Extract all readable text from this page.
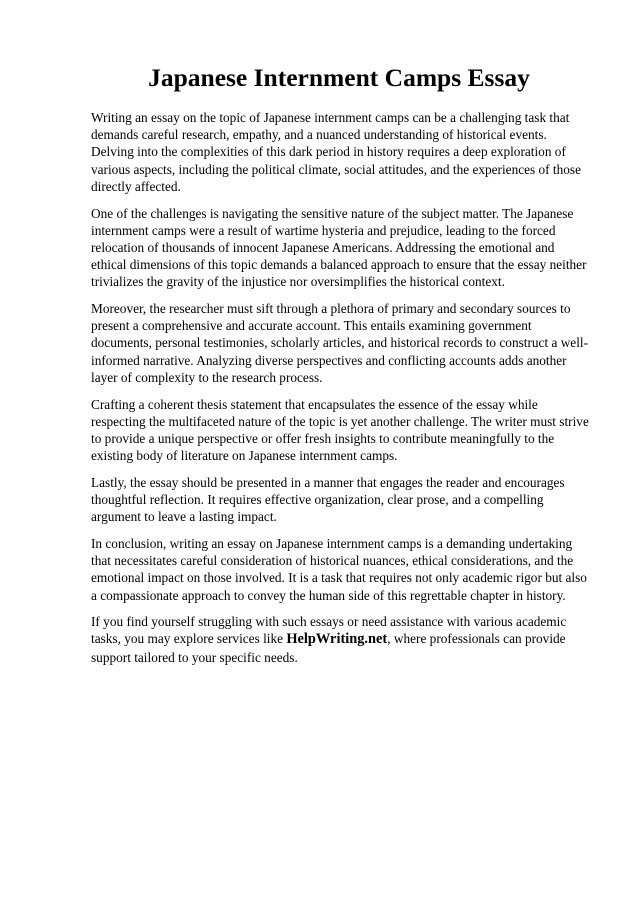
Japanese Internment Camps Essay

Writing an essay on the topic of Japanese internment camps can be a challenging task that demands careful research, empathy, and a nuanced understanding of historical events. Delving into the complexities of this dark period in history requires a deep exploration of various aspects, including the political climate, social attitudes, and the experiences of those directly affected.

One of the challenges is navigating the sensitive nature of the subject matter. The Japanese internment camps were a result of wartime hysteria and prejudice, leading to the forced relocation of thousands of innocent Japanese Americans. Addressing the emotional and ethical dimensions of this topic demands a balanced approach to ensure that the essay neither trivializes the gravity of the injustice nor oversimplifies the historical context.

Moreover, the researcher must sift through a plethora of primary and secondary sources to present a comprehensive and accurate account. This entails examining government documents, personal testimonies, scholarly articles, and historical records to construct a well-informed narrative. Analyzing diverse perspectives and conflicting accounts adds another layer of complexity to the research process.

Crafting a coherent thesis statement that encapsulates the essence of the essay while respecting the multifaceted nature of the topic is yet another challenge. The writer must strive to provide a unique perspective or offer fresh insights to contribute meaningfully to the existing body of literature on Japanese internment camps.

Lastly, the essay should be presented in a manner that engages the reader and encourages thoughtful reflection. It requires effective organization, clear prose, and a compelling argument to leave a lasting impact.

In conclusion, writing an essay on Japanese internment camps is a demanding undertaking that necessitates careful consideration of historical nuances, ethical considerations, and the emotional impact on those involved. It is a task that requires not only academic rigor but also a compassionate approach to convey the human side of this regrettable chapter in history.

If you find yourself struggling with such essays or need assistance with various academic tasks, you may explore services like HelpWriting.net, where professionals can provide support tailored to your specific needs.
